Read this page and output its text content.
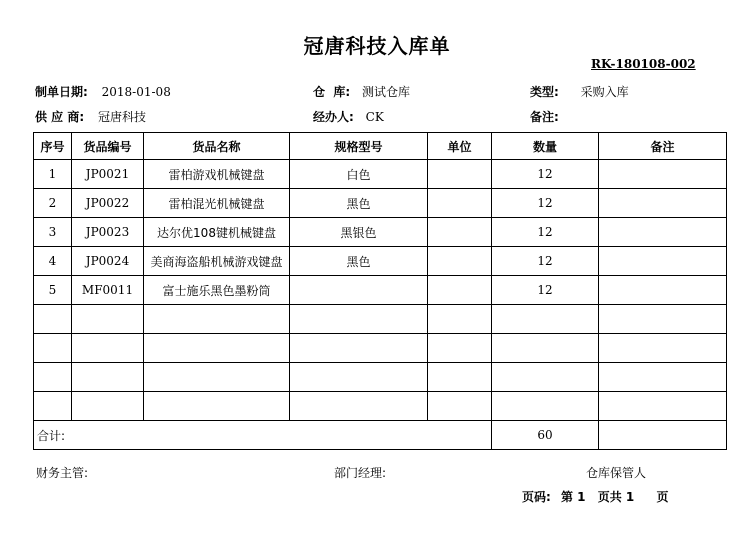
冠唐科技入库单
RK-180108-002
制单日期: 2018-01-08	仓  库: 测试仓库	类型: 采购入库
供 应 商: 冠唐科技	经办人: CK	备注:
序号	货品编号	货品名称	规格型号	单位	数量	备注
1	JP0021	雷柏游戏机械键盘	白色		12	
2	JP0022	雷柏混光机械键盘	黑色		12	
3	JP0023	达尔优108键机械键盘	黑银色		12	
4	JP0024	美商海盗船机械游戏键盘	黑色		12	
5	MF0011	富士施乐黑色墨粉筒			12	

合计:					60	
财务主管:	部门经理:	仓库保管人
页码: 第 1 页共 1 页
